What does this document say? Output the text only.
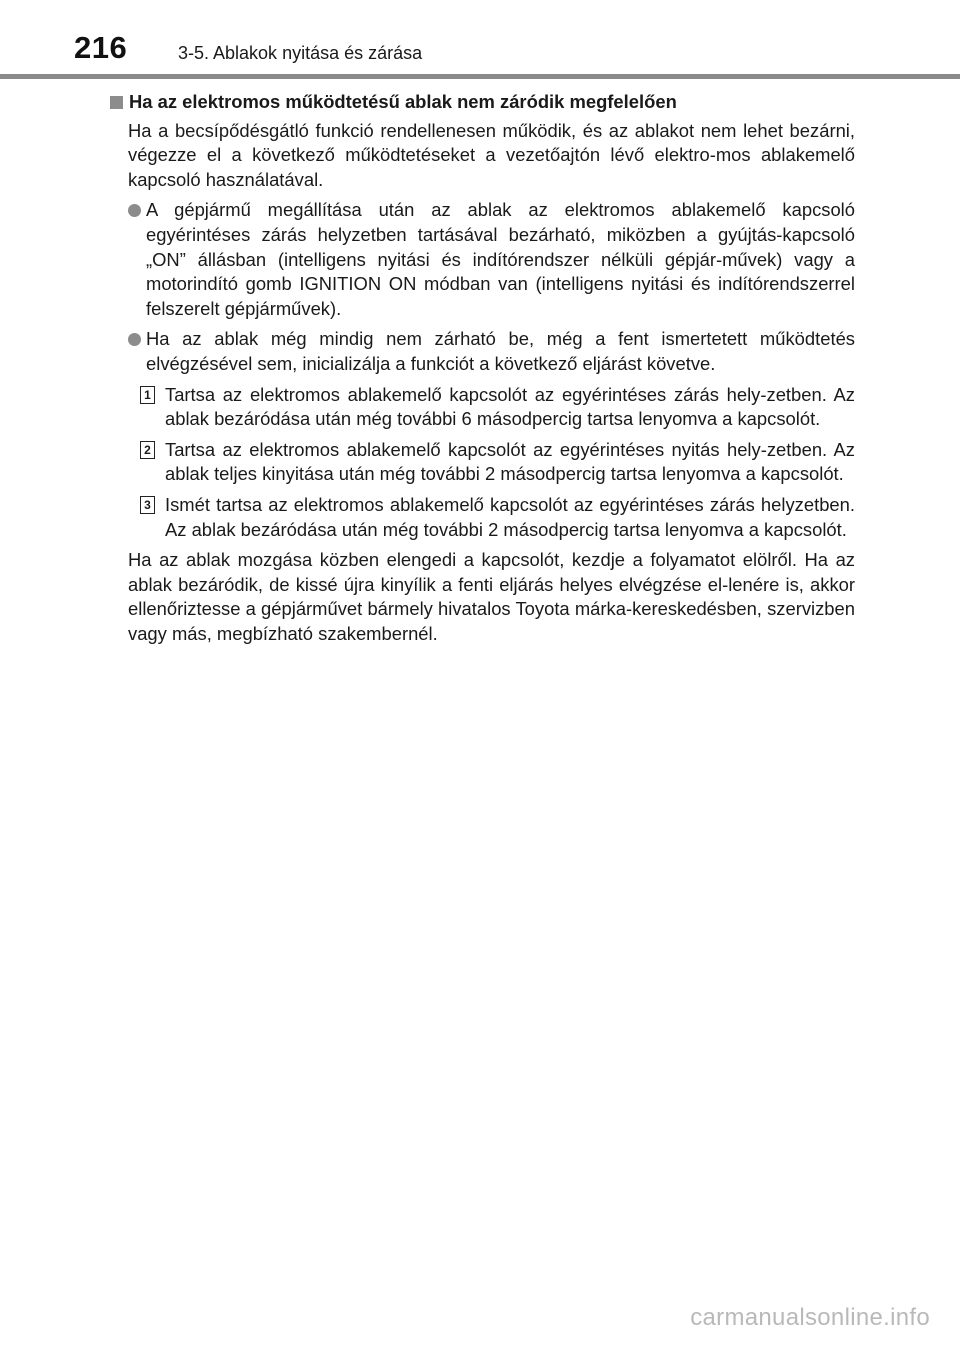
216	3-5. Ablakok nyitása és zárása
Ha az elektromos működtetésű ablak nem záródik megfelelően
Ha a becsípődésgátló funkció rendellenesen működik, és az ablakot nem lehet bezárni, végezze el a következő működtetéseket a vezetőajtón lévő elektro-mos ablakemelő kapcsoló használatával.
A gépjármű megállítása után az ablak az elektromos ablakemelő kapcsoló egyérintéses zárás helyzetben tartásával bezárható, miközben a gyújtás-kapcsoló „ON” állásban (intelligens nyitási és indítórendszer nélküli gépjár-művek) vagy a motorindító gomb IGNITION ON módban van (intelligens nyitási és indítórendszerrel felszerelt gépjárművek).
Ha az ablak még mindig nem zárható be, még a fent ismertetett működtetés elvégzésével sem, inicializálja a funkciót a következő eljárást követve.
1 Tartsa az elektromos ablakemelő kapcsolót az egyérintéses zárás hely-zetben. Az ablak bezáródása után még további 6 másodpercig tartsa lenyomva a kapcsolót.
2 Tartsa az elektromos ablakemelő kapcsolót az egyérintéses nyitás hely-zetben. Az ablak teljes kinyitása után még további 2 másodpercig tartsa lenyomva a kapcsolót.
3 Ismét tartsa az elektromos ablakemelő kapcsolót az egyérintéses zárás helyzetben. Az ablak bezáródása után még további 2 másodpercig tartsa lenyomva a kapcsolót.
Ha az ablak mozgása közben elengedi a kapcsolót, kezdje a folyamatot elölről. Ha az ablak bezáródik, de kissé újra kinyílik a fenti eljárás helyes elvégzése el-lenére is, akkor ellenőriztesse a gépjárművet bármely hivatalos Toyota márka-kereskedésben, szervizben vagy más, megbízható szakembernél.
carmanualsonline.info
